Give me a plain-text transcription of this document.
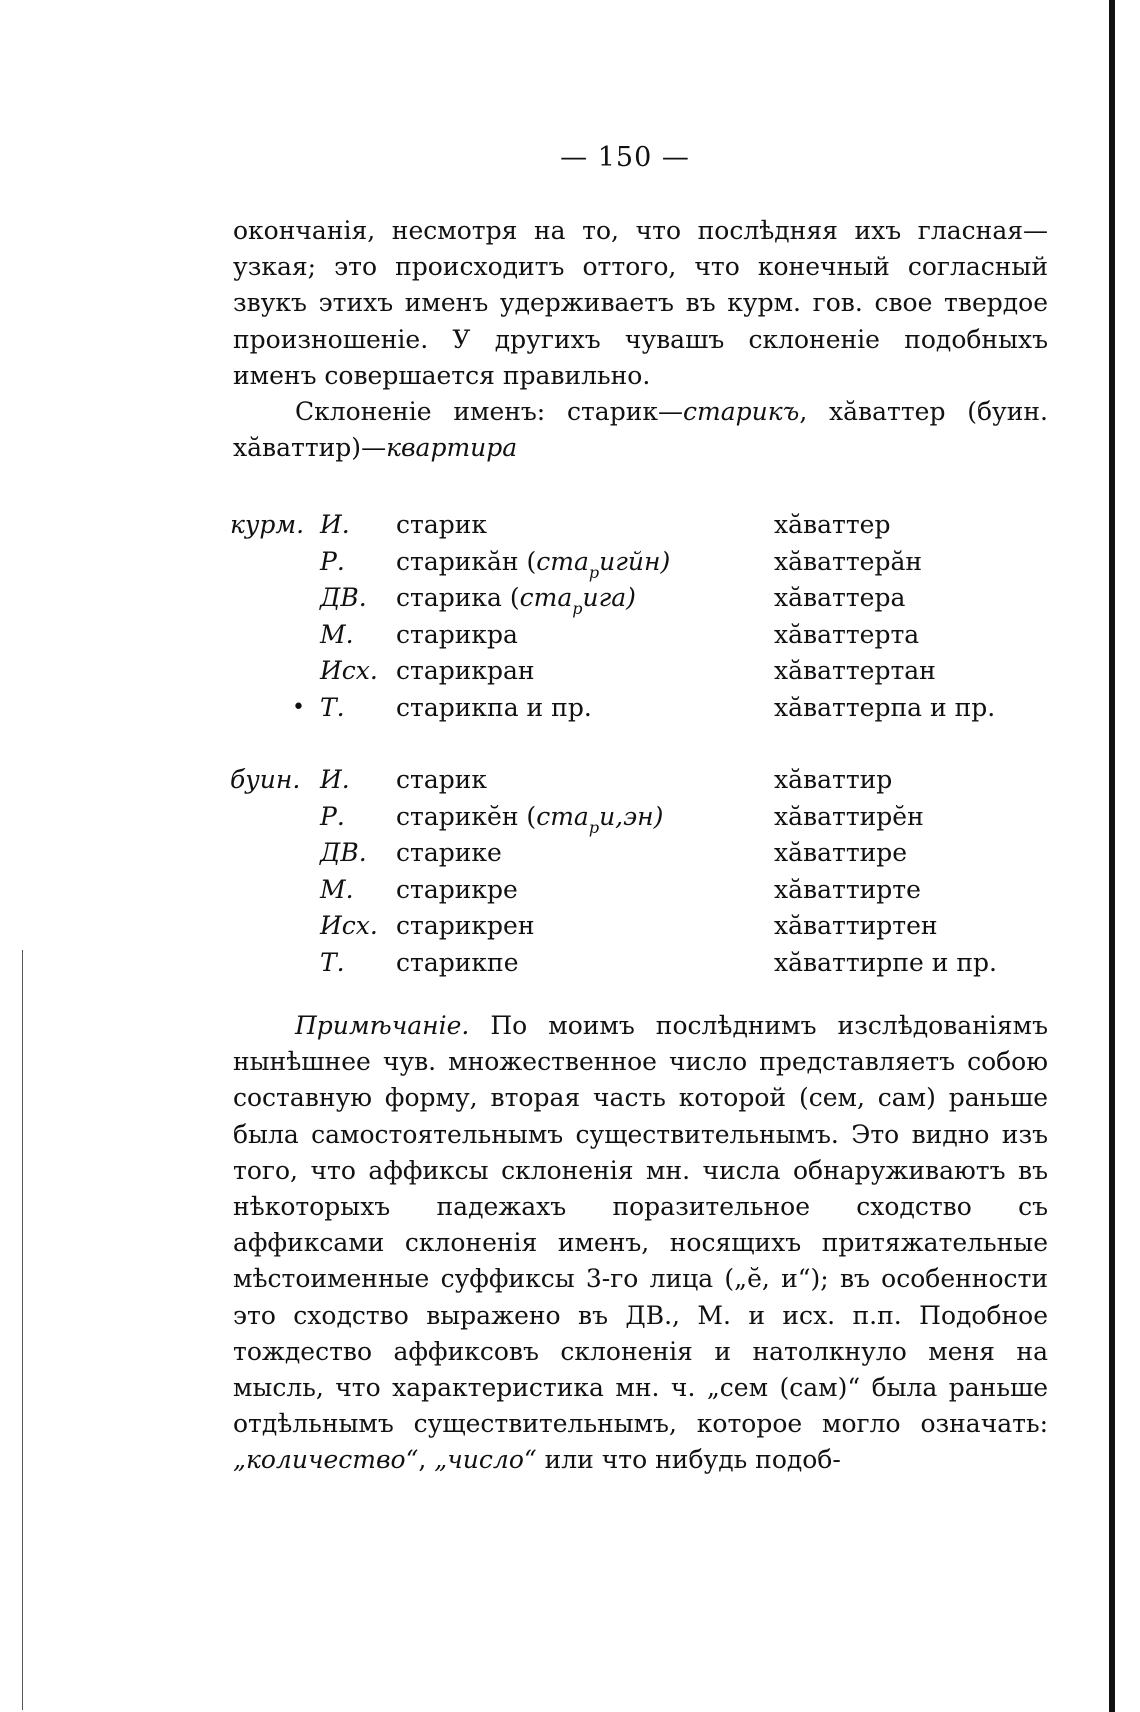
— 150 —
окончанія, несмотря на то, что послѣдняя ихъ гласная—узкая; это происходитъ оттого, что конечный согласный звукъ этихъ именъ удерживаетъ въ курм. гов. свое твердое произношеніе. У другихъ чувашъ склоненіе подобныхъ именъ совершается правильно.
Склоненіе именъ: старик—старикъ, хăваттер (буин. хăваттир)—квартира
курм. И. старик	хăваттер
Р. старикăн (ста$_р$игйн)	хăваттерăн
ДВ. старика (ста$_р$ига)	хăваттера
М. старикра	хăваттерта
Исх. старикран	хăваттертан
• Т. старикпа и пр.	хăваттерпа и пр.
буин. И. старик	хăваттир
Р. старикĕн (ста$_р$и,эн)	хăваттирĕн
ДВ. старике	хăваттире
М. старикре	хăваттирте
Исх. старикрен	хăваттиртен
Т. старикпе	хăваттирпе и пр.
Примѣчаніе. По моимъ послѣднимъ изслѣдованіямъ нынѣшнее чув. множественное число представляетъ собою составную форму, вторая часть которой (сем, сам) раньше была самостоятельнымъ существительнымъ. Это видно изъ того, что аффиксы склоненія мн. числа обнаруживаютъ въ нѣкоторыхъ падежахъ поразительное сходство съ аффиксами склоненія именъ, носящихъ притяжательные мѣстоименные суффиксы 3-го лица („ĕ, и“); въ особенности это сходство выражено въ ДВ., М. и исх. п.п. Подобное тождество аффиксовъ склоненія и натолкнуло меня на мысль, что характеристика мн. ч. „сем (сам)“ была раньше отдѣльнымъ существительнымъ, которое могло означать: „количество“, „число“ или что нибудь подоб-
